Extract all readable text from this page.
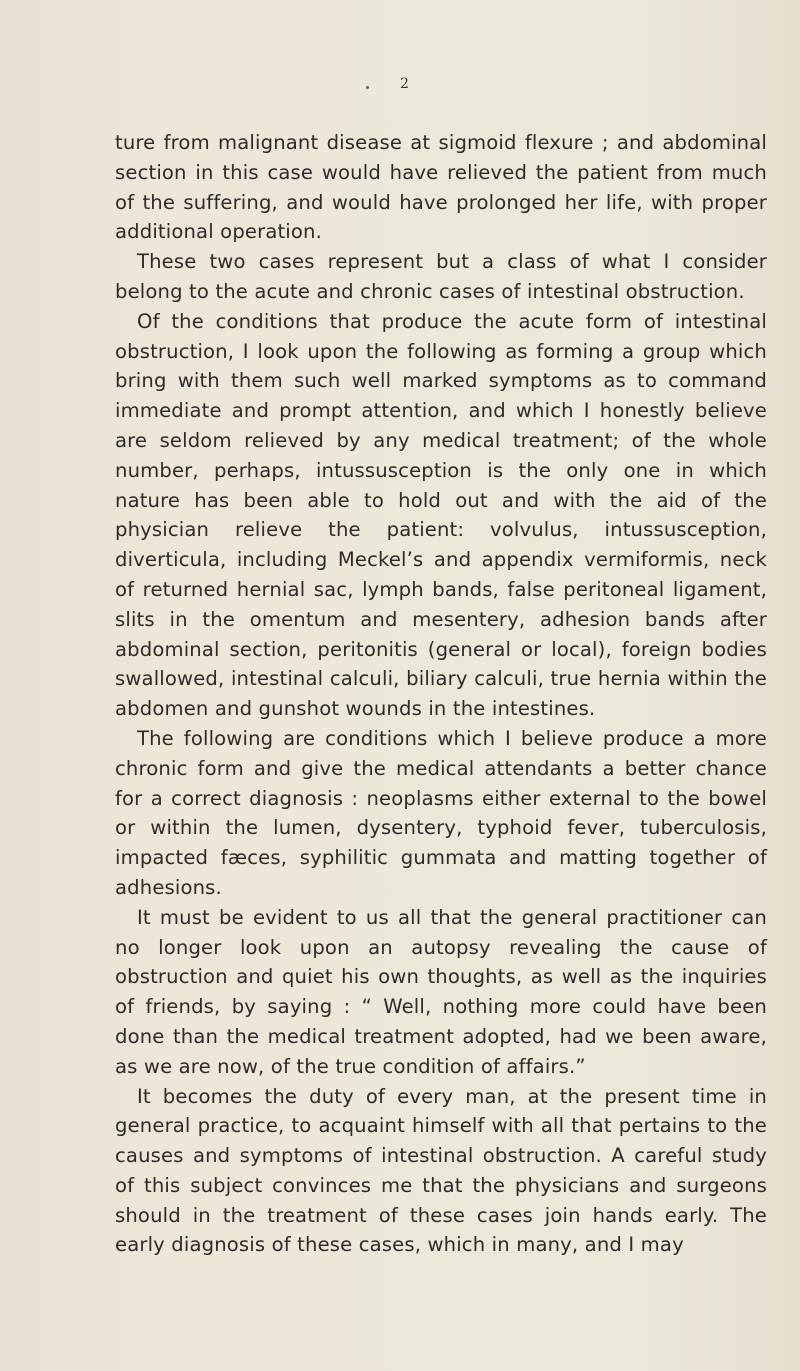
2

ture from malignant disease at sigmoid flexure ; and abdominal section in this case would have relieved the patient from much of the suffering, and would have prolonged her life, with proper additional operation.

These two cases represent but a class of what I consider belong to the acute and chronic cases of intestinal obstruction.

Of the conditions that produce the acute form of intestinal obstruction, I look upon the following as forming a group which bring with them such well marked symptoms as to command immediate and prompt attention, and which I honestly believe are seldom relieved by any medical treatment; of the whole number, perhaps, intussusception is the only one in which nature has been able to hold out and with the aid of the physician relieve the patient: volvulus, intussusception, diverticula, including Meckel’s and appendix vermiformis, neck of returned hernial sac, lymph bands, false peritoneal ligament, slits in the omentum and mesentery, adhesion bands after abdominal section, peritonitis (general or local), foreign bodies swallowed, intestinal calculi, biliary calculi, true hernia within the abdomen and gunshot wounds in the intestines.

The following are conditions which I believe produce a more chronic form and give the medical attendants a better chance for a correct diagnosis : neoplasms either external to the bowel or within the lumen, dysentery, typhoid fever, tuberculosis, impacted fæces, syphilitic gummata and matting together of adhesions.

It must be evident to us all that the general practitioner can no longer look upon an autopsy revealing the cause of obstruction and quiet his own thoughts, as well as the inquiries of friends, by saying : “ Well, nothing more could have been done than the medical treatment adopted, had we been aware, as we are now, of the true condition of affairs.”

It becomes the duty of every man, at the present time in general practice, to acquaint himself with all that pertains to the causes and symptoms of intestinal obstruction. A careful study of this subject convinces me that the physicians and surgeons should in the treatment of these cases join hands early. The early diagnosis of these cases, which in many, and I may
